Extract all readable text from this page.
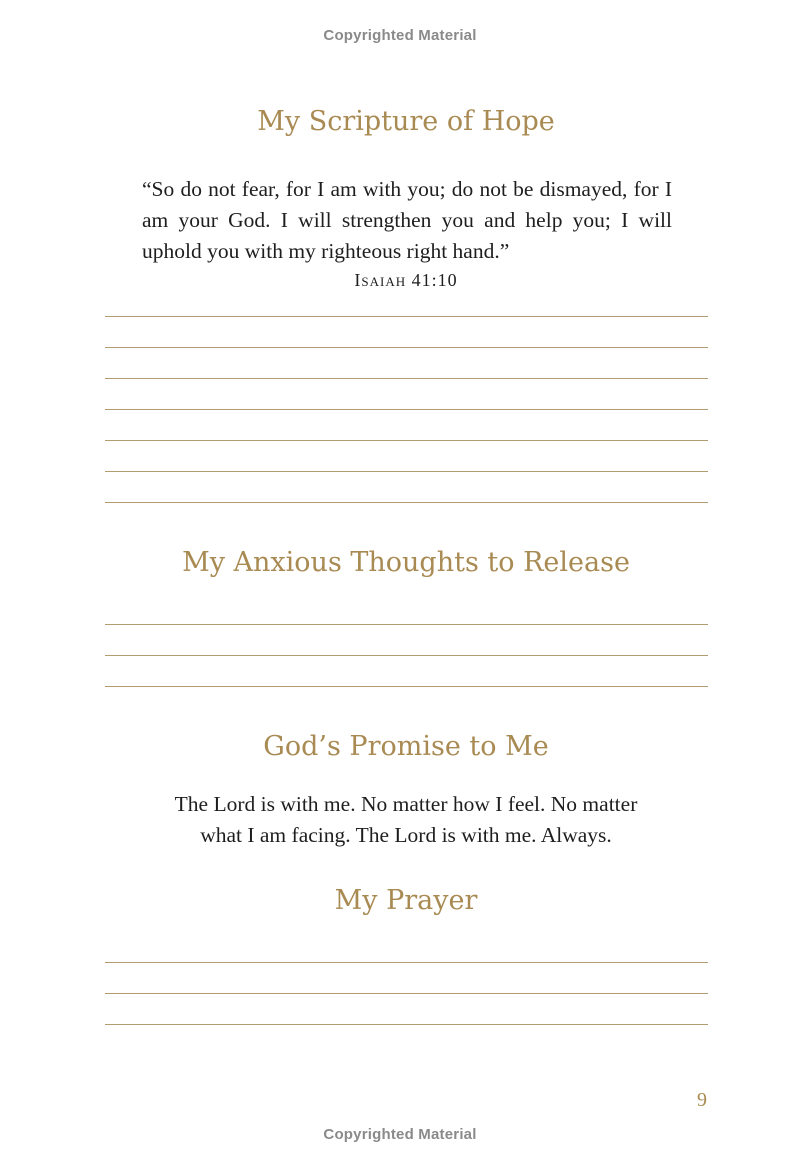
Copyrighted Material
My Scripture of Hope
“So do not fear, for I am with you; do not be dismayed, for I am your God. I will strengthen you and help you; I will uphold you with my righteous right hand.”
Isaiah 41:10
My Anxious Thoughts to Release
God’s Promise to Me
The Lord is with me. No matter how I feel. No matter
what I am facing. The Lord is with me. Always.
My Prayer
9
Copyrighted Material
